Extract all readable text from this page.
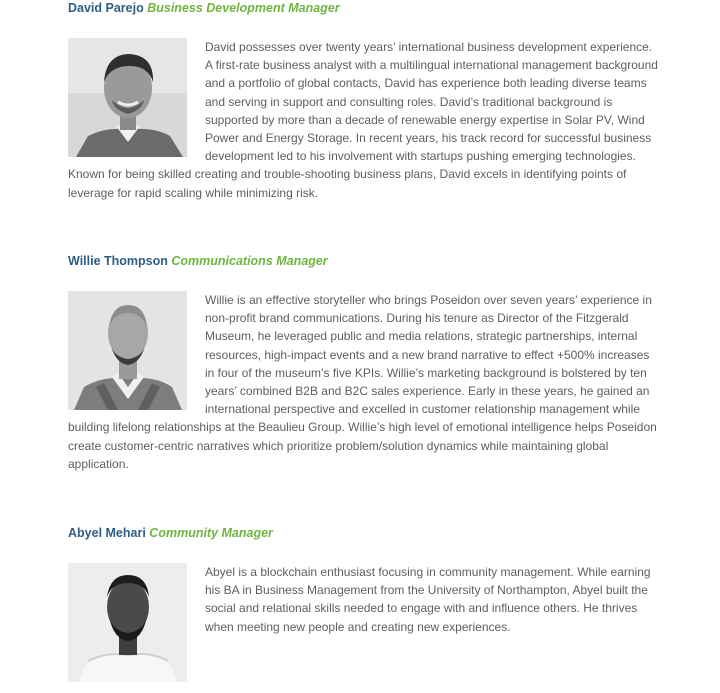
David Parejo Business Development Manager

David possesses over twenty years’ international business development experience. A first-rate business analyst with a multilingual international management background and a portfolio of global contacts, David has experience both leading diverse teams and serving in support and consulting roles. David’s traditional background is supported by more than a decade of renewable energy expertise in Solar PV, Wind Power and Energy Storage. In recent years, his track record for successful business development led to his involvement with startups pushing emerging technologies. Known for being skilled creating and trouble-shooting business plans, David excels in identifying points of leverage for rapid scaling while minimizing risk.

Willie Thompson Communications Manager

Willie is an effective storyteller who brings Poseidon over seven years’ experience in non-profit brand communications. During his tenure as Director of the Fitzgerald Museum, he leveraged public and media relations, strategic partnerships, internal resources, high-impact events and a new brand narrative to effect +500% increases in four of the museum’s five KPIs. Willie’s marketing background is bolstered by ten years’ combined B2B and B2C sales experience. Early in these years, he gained an international perspective and excelled in customer relationship management while building lifelong relationships at the Beaulieu Group. Willie’s high level of emotional intelligence helps Poseidon create customer-centric narratives which prioritize problem/solution dynamics while maintaining global application.

Abyel Mehari Community Manager

Abyel is a blockchain enthusiast focusing in community management. While earning his BA in Business Management from the University of Northampton, Abyel built the social and relational skills needed to engage with and influence others. He thrives when meeting new people and creating new experiences.
